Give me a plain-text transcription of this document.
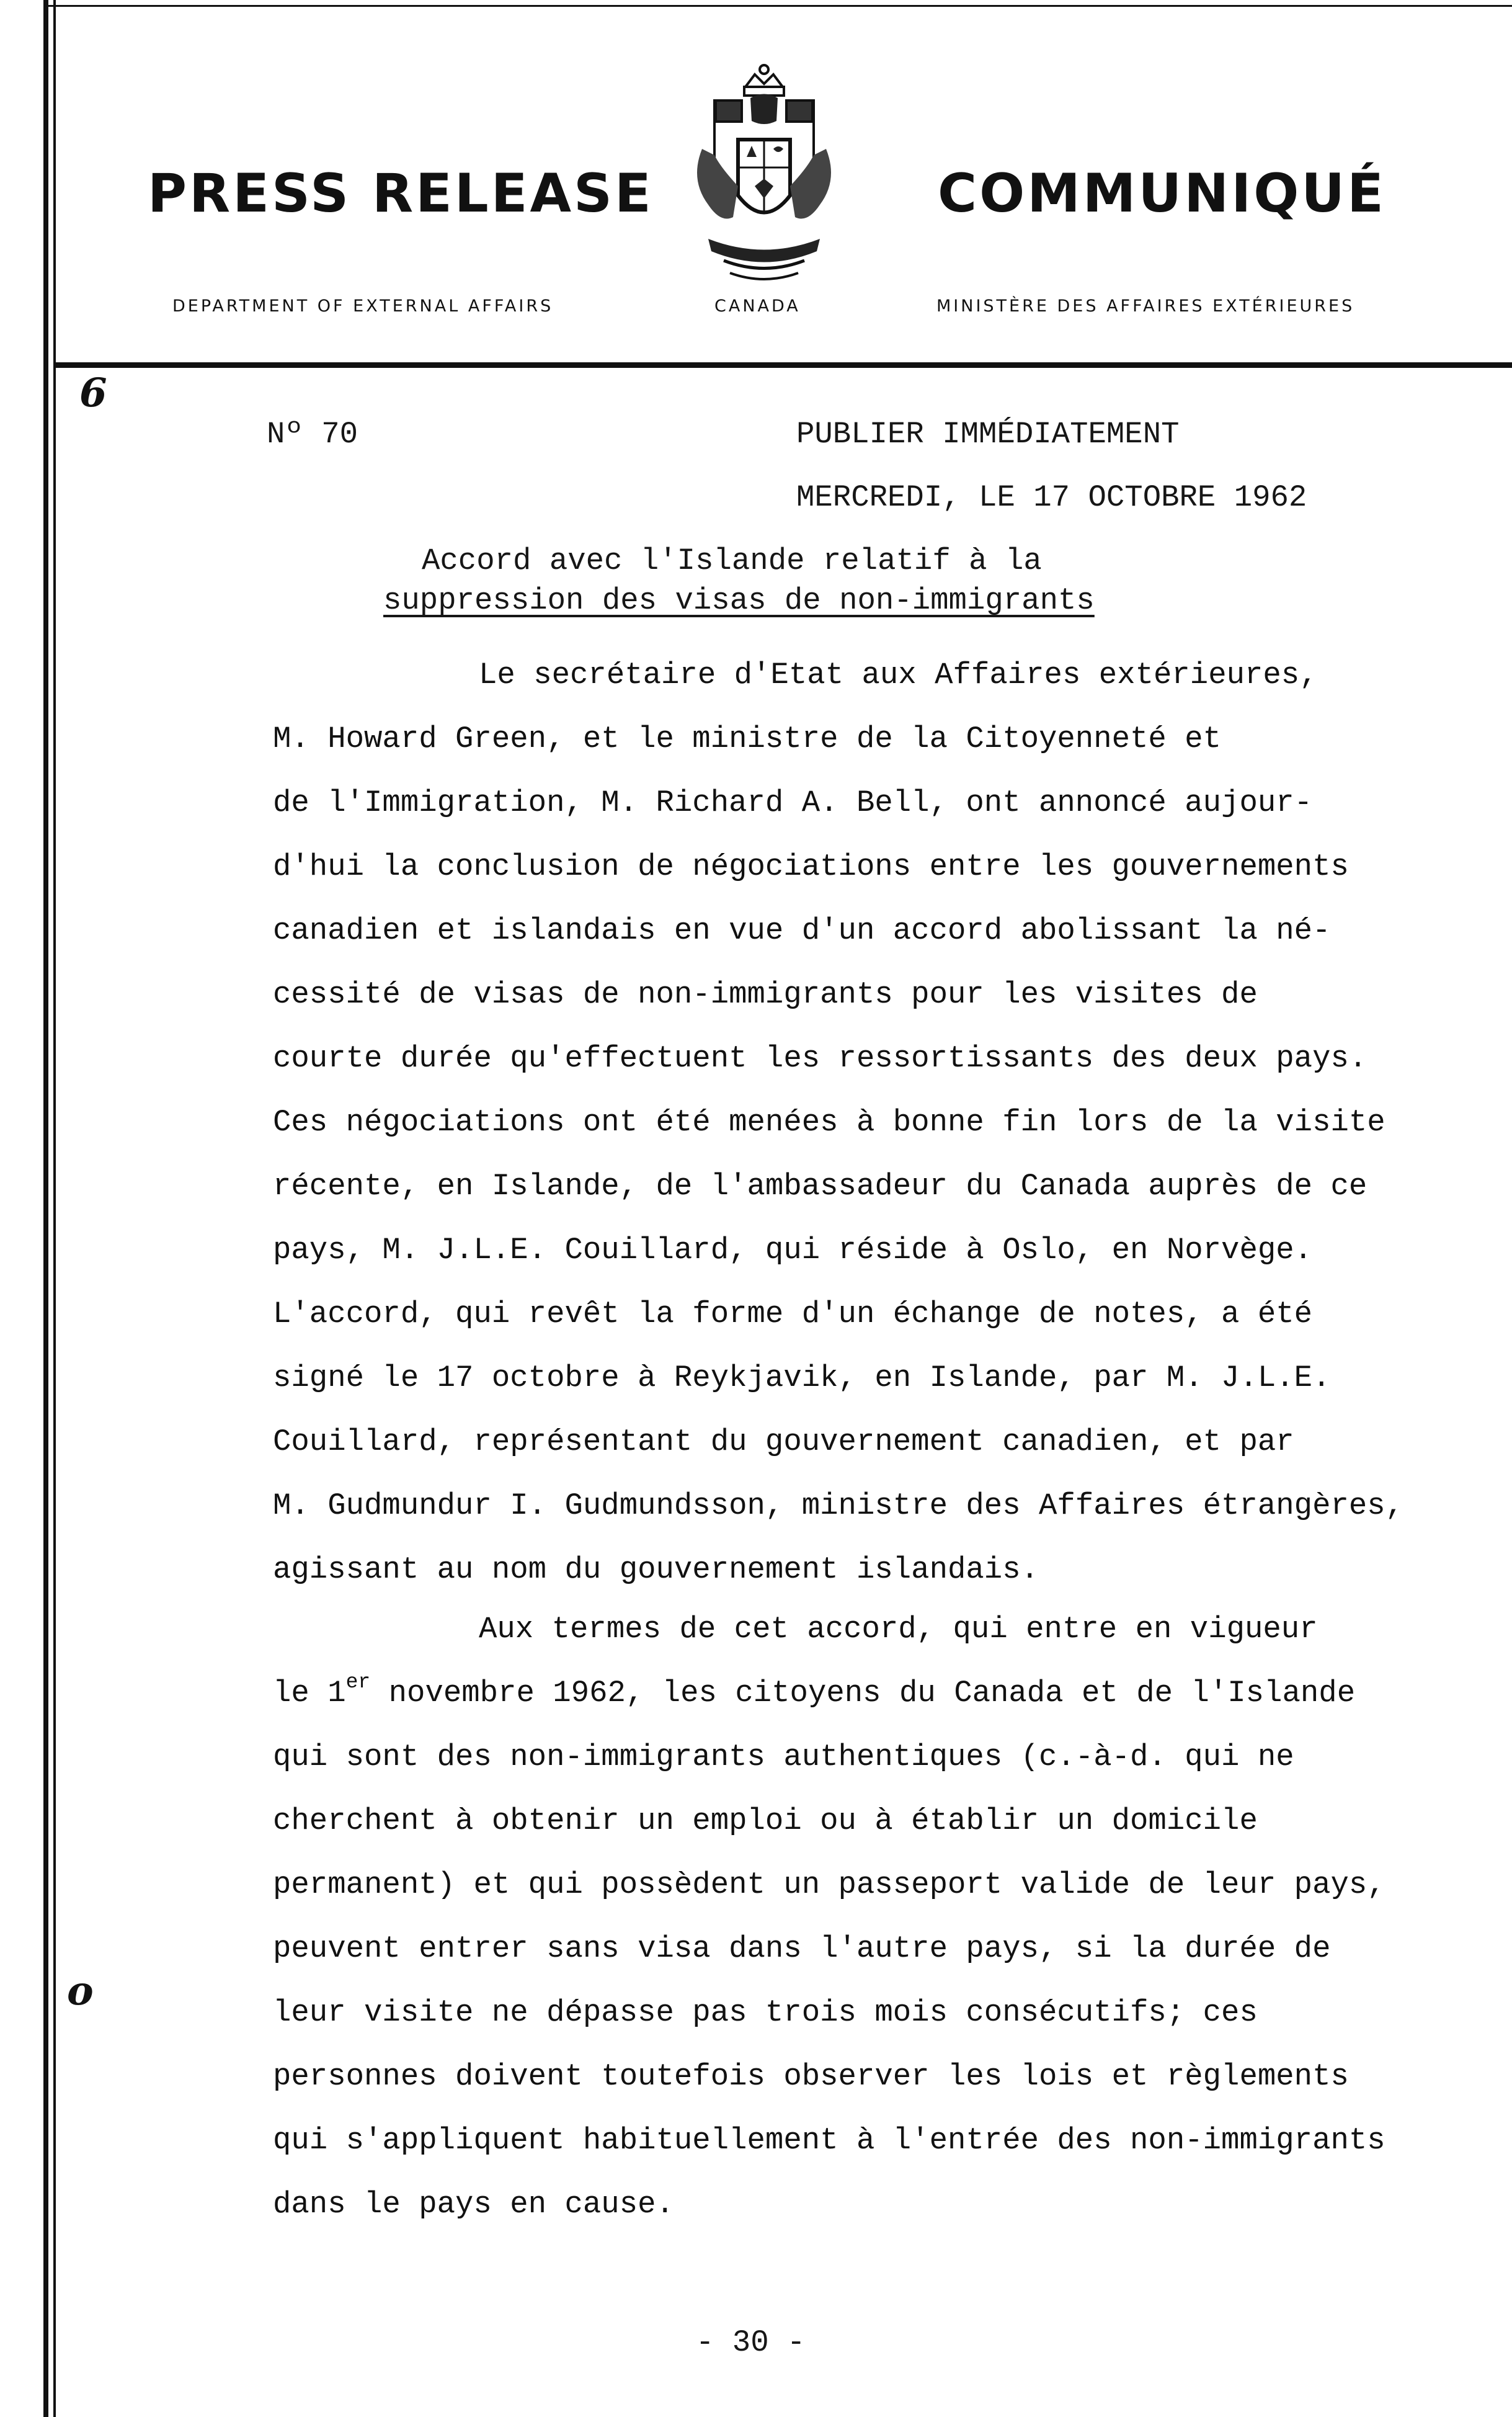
PRESS RELEASE	COMMUNIQUÉ
DEPARTMENT OF EXTERNAL AFFAIRS	CANADA	MINISTÈRE DES AFFAIRES EXTÉRIEURES
6
o
Nº 70	PUBLIER IMMÉDIATEMENT
MERCREDI, LE 17 OCTOBRE 1962
Accord avec l'Islande relatif à la
suppression des visas de non-immigrants
Le secrétaire d'Etat aux Affaires extérieures,
M. Howard Green, et le ministre de la Citoyenneté et
de l'Immigration, M. Richard A. Bell, ont annoncé aujour-
d'hui la conclusion de négociations entre les gouvernements
canadien et islandais en vue d'un accord abolissant la né-
cessité de visas de non-immigrants pour les visites de
courte durée qu'effectuent les ressortissants des deux pays.
Ces négociations ont été menées à bonne fin lors de la visite
récente, en Islande, de l'ambassadeur du Canada auprès de ce
pays, M. J.L.E. Couillard, qui réside à Oslo, en Norvège.
L'accord, qui revêt la forme d'un échange de notes, a été
signé le 17 octobre à Reykjavik, en Islande, par M. J.L.E.
Couillard, représentant du gouvernement canadien, et par
M. Gudmundur I. Gudmundsson, ministre des Affaires étrangères,
agissant au nom du gouvernement islandais.
Aux termes de cet accord, qui entre en vigueur
le 1er novembre 1962, les citoyens du Canada et de l'Islande
qui sont des non-immigrants authentiques (c.-à-d. qui ne
cherchent à obtenir un emploi ou à établir un domicile
permanent) et qui possèdent un passeport valide de leur pays,
peuvent entrer sans visa dans l'autre pays, si la durée de
leur visite ne dépasse pas trois mois consécutifs; ces
personnes doivent toutefois observer les lois et règlements
qui s'appliquent habituellement à l'entrée des non-immigrants
dans le pays en cause.
- 30 -
